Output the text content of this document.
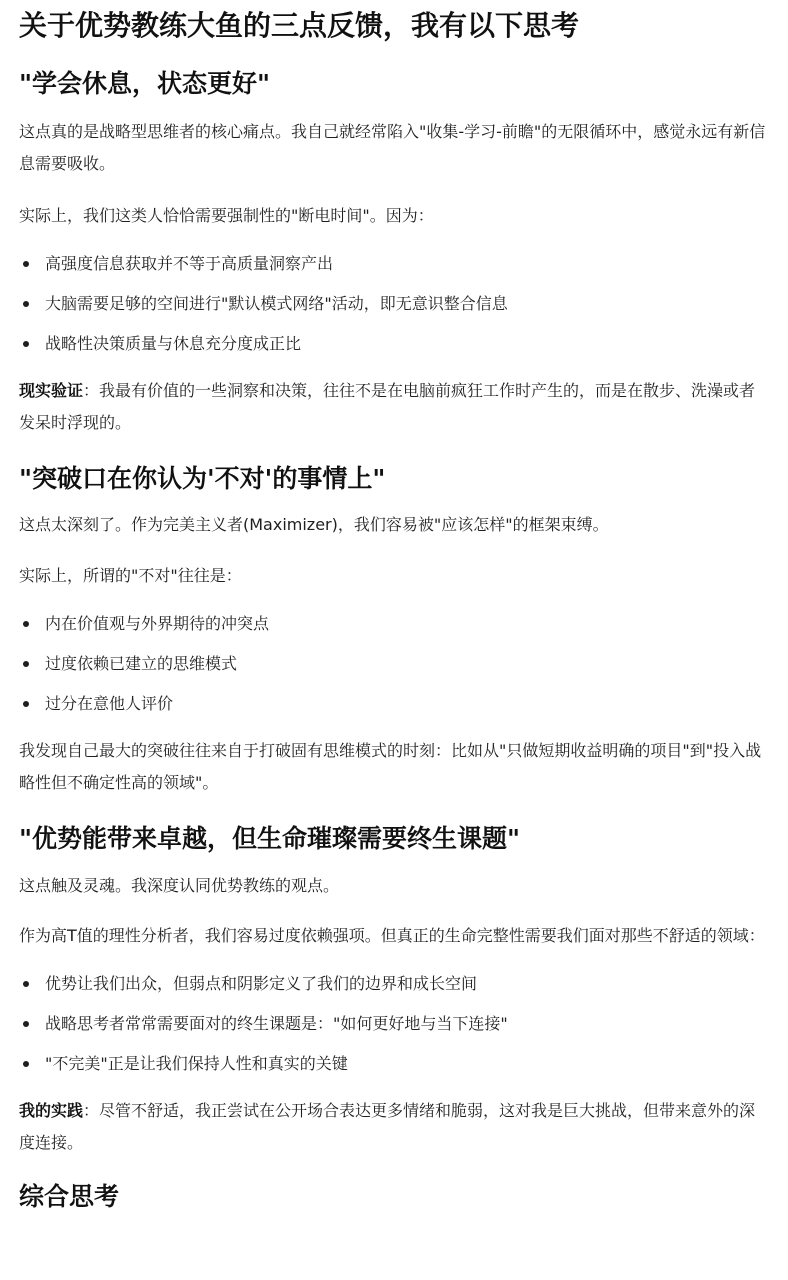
关于优势教练大鱼的三点反馈，我有以下思考
"学会休息，状态更好"

这点真的是战略型思维者的核心痛点。我自己就经常陷入"收集-学习-前瞻"的无限循环中，感觉永远有新信息需要吸收。

实际上，我们这类人恰恰需要强制性的"断电时间"。因为：

高强度信息获取并不等于高质量洞察产出
大脑需要足够的空间进行"默认模式网络"活动，即无意识整合信息
战略性决策质量与休息充分度成正比

现实验证：我最有价值的一些洞察和决策，往往不是在电脑前疯狂工作时产生的，而是在散步、洗澡或者发呆时浮现的。

"突破口在你认为'不对'的事情上"

这点太深刻了。作为完美主义者(Maximizer)，我们容易被"应该怎样"的框架束缚。

实际上，所谓的"不对"往往是：

内在价值观与外界期待的冲突点
过度依赖已建立的思维模式
过分在意他人评价

我发现自己最大的突破往往来自于打破固有思维模式的时刻：比如从"只做短期收益明确的项目"到"投入战略性但不确定性高的领域"。

"优势能带来卓越，但生命璀璨需要终生课题"

这点触及灵魂。我深度认同优势教练的观点。

作为高T值的理性分析者，我们容易过度依赖强项。但真正的生命完整性需要我们面对那些不舒适的领域：

优势让我们出众，但弱点和阴影定义了我们的边界和成长空间
战略思考者常常需要面对的终生课题是："如何更好地与当下连接"
"不完美"正是让我们保持人性和真实的关键

我的实践：尽管不舒适，我正尝试在公开场合表达更多情绪和脆弱，这对我是巨大挑战，但带来意外的深度连接。

综合思考
